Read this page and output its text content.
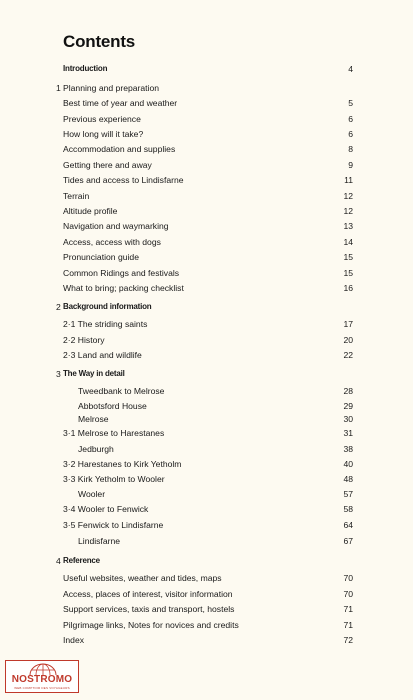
Contents
Introduction	4
1 Planning and preparation
Best time of year and weather	5
Previous experience	6
How long will it take?	6
Accommodation and supplies	8
Getting there and away	9
Tides and access to Lindisfarne	11
Terrain	12
Altitude profile	12
Navigation and waymarking	13
Access, access with dogs	14
Pronunciation guide	15
Common Ridings and festivals	15
What to bring; packing checklist	16
2 Background information
2·1 The striding saints	17
2·2 History	20
2·3 Land and wildlife	22
3 The Way in detail
Tweedbank to Melrose	28
Abbotsford House	29
Melrose	30
3·1 Melrose to Harestanes	31
Jedburgh	38
3·2 Harestanes to Kirk Yetholm	40
3·3 Kirk Yetholm to Wooler	48
Wooler	57
3·4 Wooler to Fenwick	58
3·5 Fenwick to Lindisfarne	64
Lindisfarne	67
4 Reference
Useful websites, weather and tides, maps	70
Access, places of interest, visitor information	70
Support services, taxis and transport, hostels	71
Pilgrimage links, Notes for novices and credits	71
Index	72
NOSTROMO
WEB COMPTOIR DES VOYAGEURS
